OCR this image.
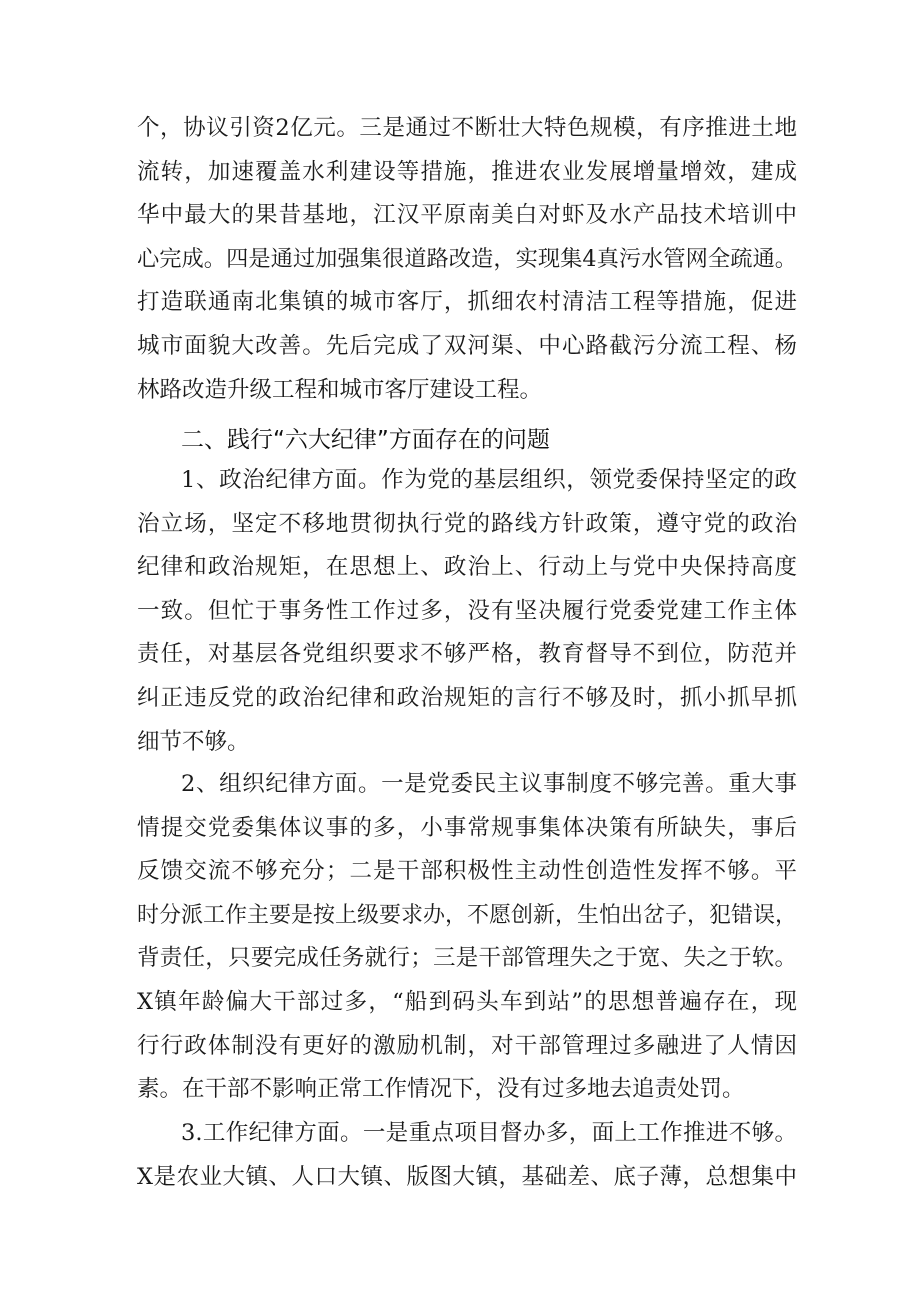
个，协议引资2亿元。三是通过不断壮大特色规模，有序推进土地
流转，加速覆盖水利建设等措施，推进农业发展增量增效，建成
华中最大的果昔基地，江汉平原南美白对虾及水产品技术培训中
心完成。四是通过加强集很道路改造，实现集4真污水管网全疏通。
打造联通南北集镇的城市客厅，抓细农村清洁工程等措施，促进
城市面貌大改善。先后完成了双河渠、中心路截污分流工程、杨
林路改造升级工程和城市客厅建设工程。
二、践行“六大纪律”方面存在的问题
1、政治纪律方面。作为党的基层组织，领党委保持坚定的政
治立场，坚定不移地贯彻执行党的路线方针政策，遵守党的政治
纪律和政治规矩，在思想上、政治上、行动上与党中央保持高度
一致。但忙于事务性工作过多，没有坚决履行党委党建工作主体
责任，对基层各党组织要求不够严格，教育督导不到位，防范并
纠正违反党的政治纪律和政治规矩的言行不够及时，抓小抓早抓
细节不够。
2、组织纪律方面。一是党委民主议事制度不够完善。重大事
情提交党委集体议事的多，小事常规事集体决策有所缺失，事后
反馈交流不够充分；二是干部积极性主动性创造性发挥不够。平
时分派工作主要是按上级要求办，不愿创新，生怕出岔子，犯错误，
背责任，只要完成任务就行；三是干部管理失之于宽、失之于软。
X镇年龄偏大干部过多，“船到码头车到站”的思想普遍存在，现
行行政体制没有更好的激励机制，对干部管理过多融进了人情因
素。在干部不影响正常工作情况下，没有过多地去追责处罚。
3.工作纪律方面。一是重点项目督办多，面上工作推进不够。
X是农业大镇、人口大镇、版图大镇，基础差、底子薄，总想集中
